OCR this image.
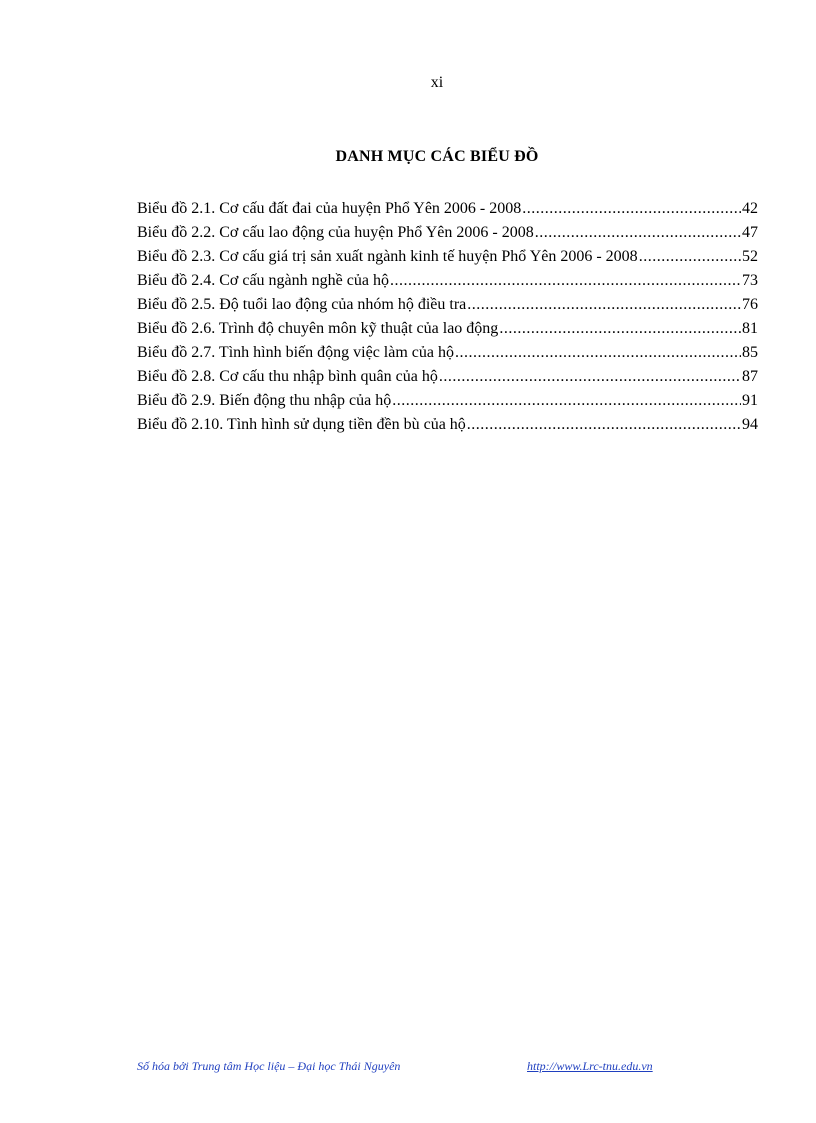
xi
DANH MỤC CÁC BIỂU ĐỒ
Biểu đồ 2.1. Cơ cấu đất đai của huyện Phổ Yên 2006 - 2008 .....	42
Biểu đồ 2.2. Cơ cấu lao động của huyện Phổ Yên 2006 - 2008 .....	47
Biểu đồ 2.3. Cơ cấu giá trị sản xuất ngành kinh tế huyện Phổ Yên 2006 - 2008 .....	52
Biểu đồ 2.4. Cơ cấu ngành nghề của hộ .....	73
Biểu đồ 2.5. Độ tuổi lao động của nhóm hộ điều tra .....	76
Biểu đồ 2.6. Trình độ chuyên môn kỹ thuật của lao động .....	81
Biểu đồ 2.7. Tình hình biến động việc làm của hộ .....	85
Biểu đồ 2.8. Cơ cấu thu nhập bình quân của hộ .....	87
Biểu đồ 2.9. Biến động thu nhập của hộ .....	91
Biểu đồ 2.10. Tình hình sử dụng tiền đền bù của hộ .....	94
Số hóa bởi Trung tâm Học liệu – Đại học Thái Nguyên	http://www.Lrc-tnu.edu.vn
